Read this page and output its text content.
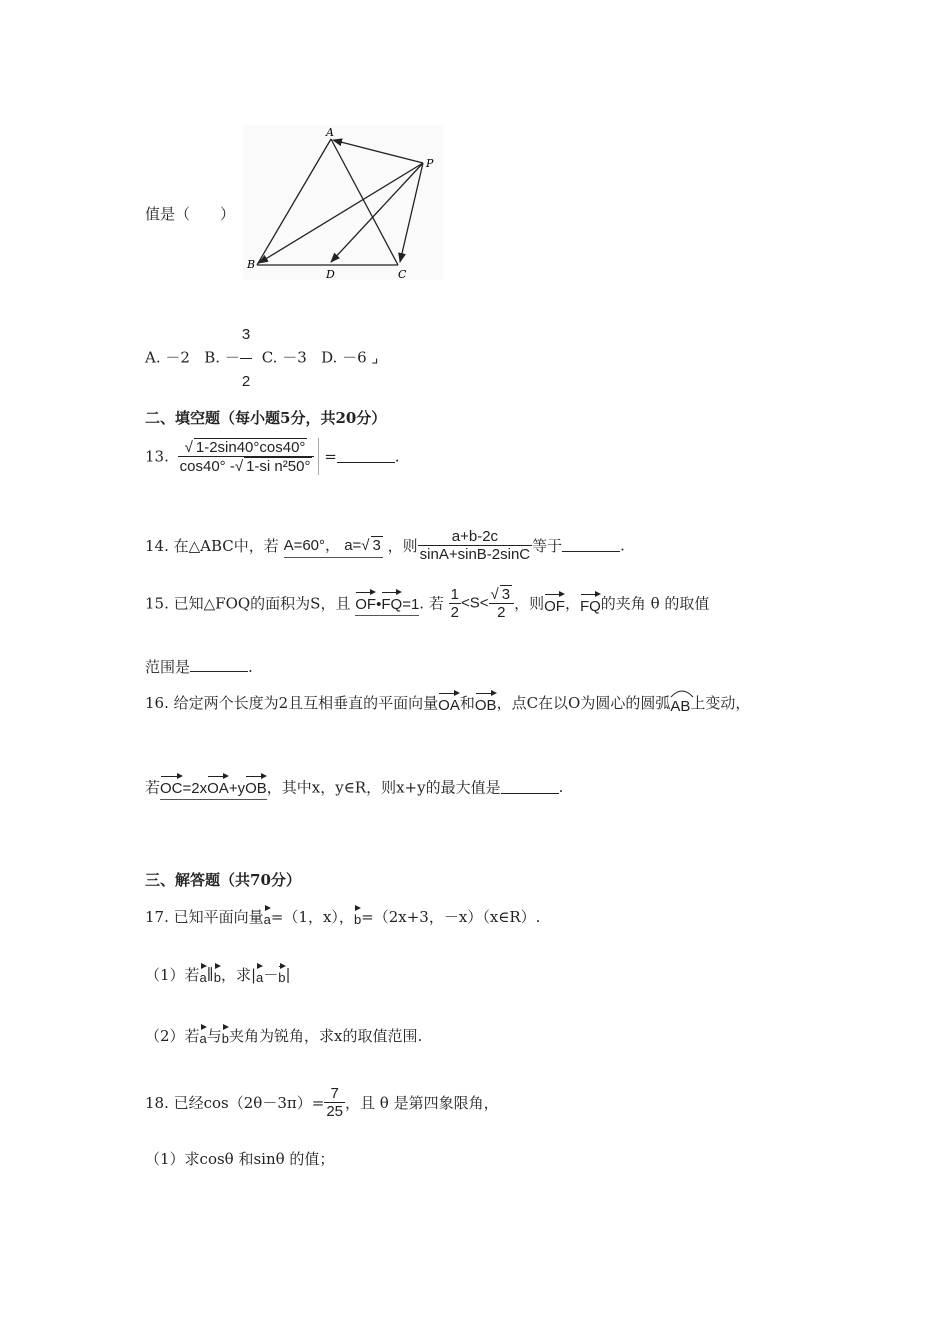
A
P
B
D	C
值是（　　）
A. －2 B. － $\frac{3}{2} C$. －3 D. －6 ⌟
二、填空题（每小题5分，共20分）
13. $\frac{√ 1-2\sin 40^\circ\cos 40^\circ}{\text{cos40° -√ 1-si n²50°}}$ =	.
14. 在△ABC中，若 A=60°， a=√ 3 ，则 $\frac{a+b-2c}{\sin A+\sin B-2\sin C}$ 等于	.
15. 已知△FOQ的面积为S，且 OF•FQ=1. 若 $\frac{1}{2} <S< \frac{√ 3}{2}$ ，则OF，FQ的夹角 θ 的取值
范围是	.
16. 给定两个长度为2且互相垂直的平面向量OA和OB，点C在以O为圆心的圆弧
AB上变动，
若OC=2xOA+yOB，其中x，y∈R，则x+y的最大值是	.
三、解答题（共70分）
17. 已知平面向量a=（1，x），b=（2x+3，－x）（x∈R）.
（1）若a∥b，求|a－b|
（2）若a与b夹角为锐角，求x的取值范围.
18. 已经$\cos(2\theta-3\pi)= \frac{7}{25}$ ，且 θ 是第四象限角，
（1）求cosθ 和sinθ 的值；
